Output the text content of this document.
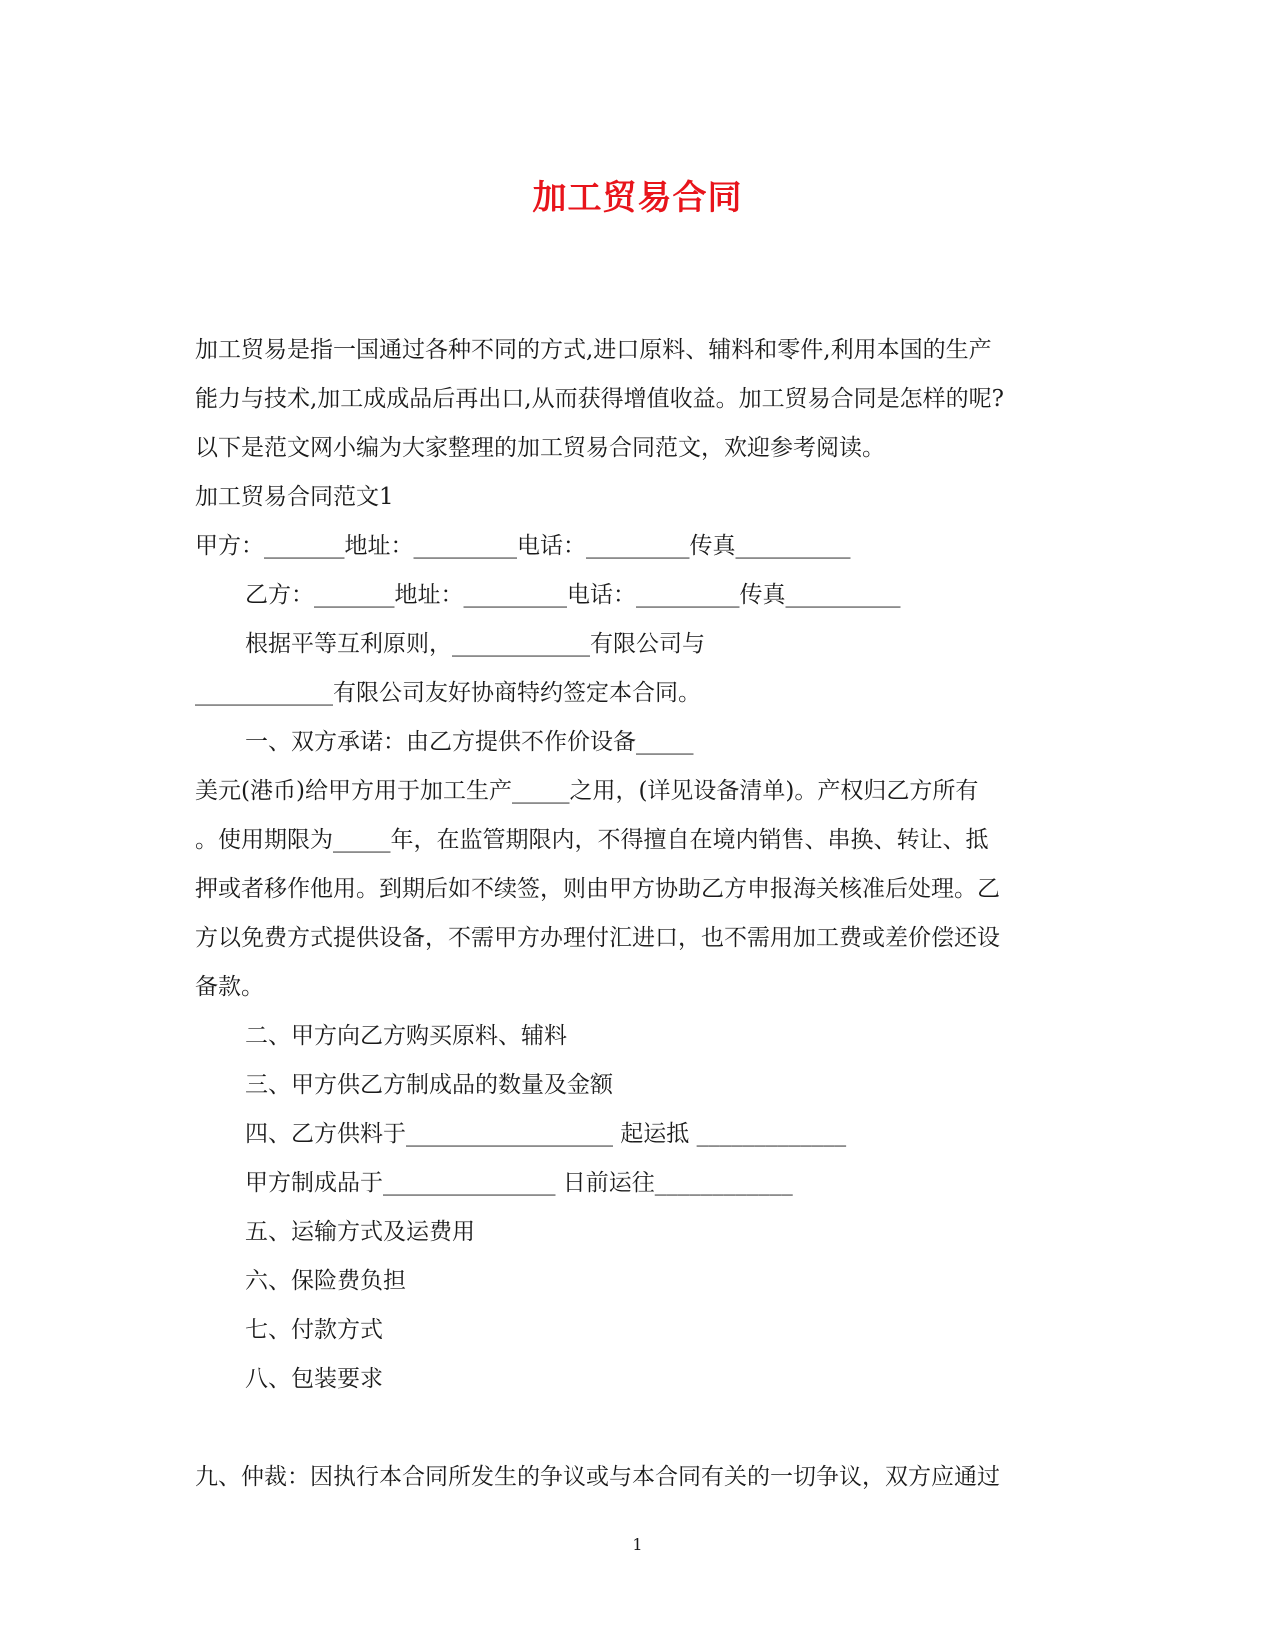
加工贸易合同
加工贸易是指一国通过各种不同的方式,进口原料、辅料和零件,利用本国的生产
能力与技术,加工成成品后再出口,从而获得增值收益。加工贸易合同是怎样的呢?
以下是范文网小编为大家整理的加工贸易合同范文，欢迎参考阅读。
加工贸易合同范文1
甲方：_______地址：_________电话：_________传真__________
乙方：_______地址：_________电话：_________传真__________
根据平等互利原则，____________有限公司与
____________有限公司友好协商特约签定本合同。
一、双方承诺：由乙方提供不作价设备_____
美元(港币)给甲方用于加工生产_____之用，(详见设备清单)。产权归乙方所有
。使用期限为_____年，在监管期限内，不得擅自在境内销售、串换、转让、抵
押或者移作他用。到期后如不续签，则由甲方协助乙方申报海关核准后处理。乙
方以免费方式提供设备，不需甲方办理付汇进口，也不需用加工费或差价偿还设
备款。
二、甲方向乙方购买原料、辅料
三、甲方供乙方制成品的数量及金额
四、乙方供料于__________________ 起运抵 _____________
甲方制成品于_______________ 日前运往____________
五、运输方式及运费用
六、保险费负担
七、付款方式
八、包装要求
九、仲裁：因执行本合同所发生的争议或与本合同有关的一切争议，双方应通过
1
